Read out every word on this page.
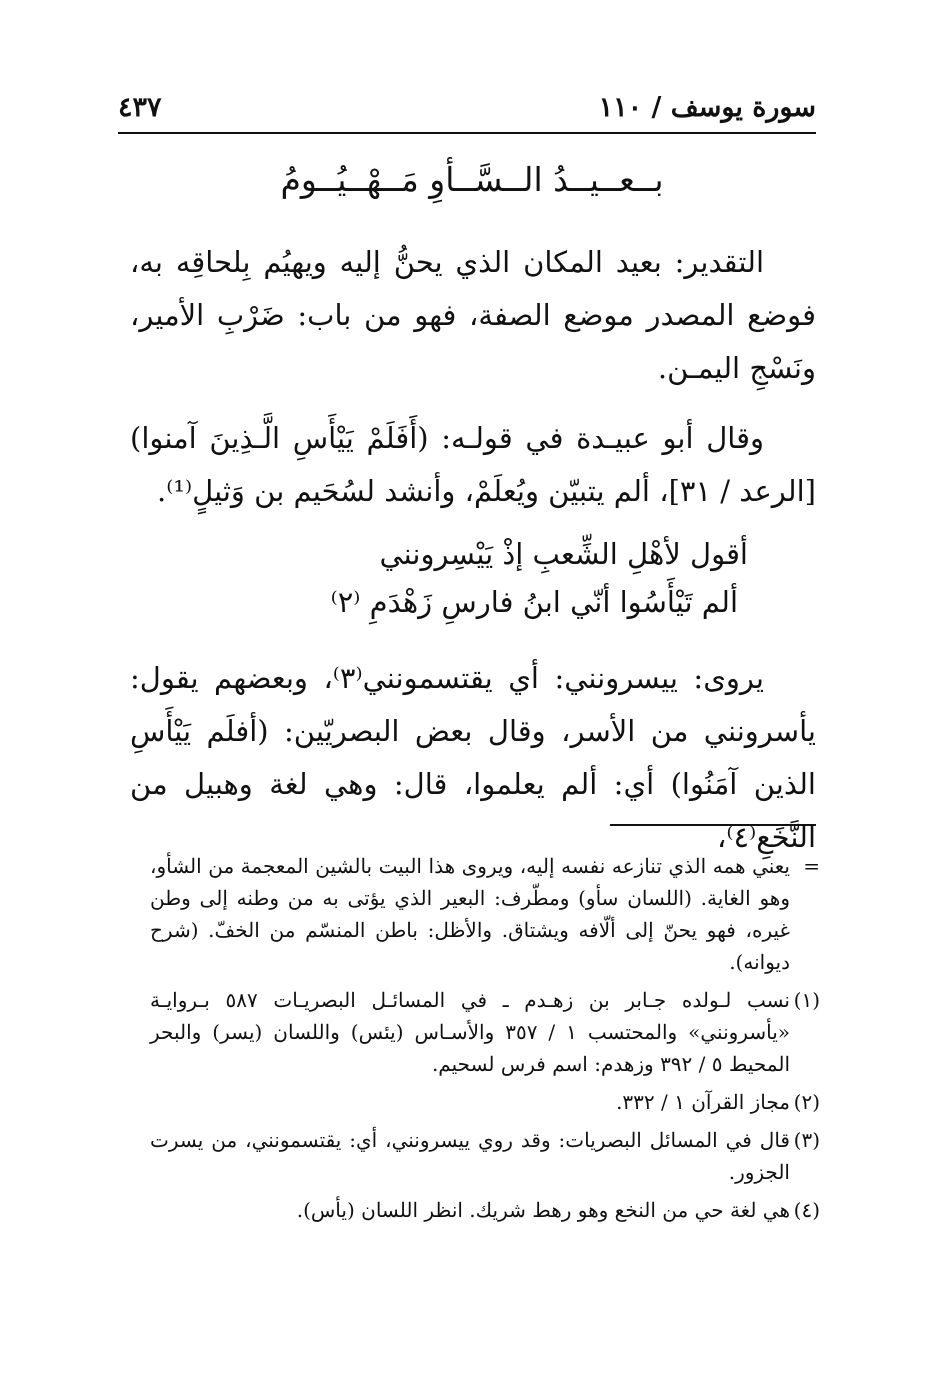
سورة يوسف / ١١٠
٤٣٧
بــعــيــدُ الــسَّــأوِ مَــهْــيُــومُ

التقدير: بعيد المكان الذي يحنُّ إليه ويهيُم بِلحاقِه به، فوضع المصدر موضع الصفة، فهو من باب: ضَرْبِ الأمير، ونَسْجِ اليمـن.

وقال أبو عبيـدة في قولـه: (أَفَلَمْ يَيْأَسِ الَّـذِينَ آمنوا) [الرعد / ٣١]، ألم يتبيّن ويُعلَمْ، وأنشد لسُحَيم بن وَثيلٍ⁽¹⁾.

أقول لأهْلِ الشِّعبِ إذْ يَيْسِرونني
ألم تَيْأَسُوا أنّي ابنُ فارسِ زَهْدَمِ ⁽٢⁾

يروى: ييسرونني: أي يقتسمونني⁽٣⁾، وبعضهم يقول: يأسرونني من الأسر، وقال بعض البصريّين: (أفلَم يَيْأَسِ الذين آمَنُوا) أي: ألم يعلموا، قال: وهي لغة وهبيل من النَّخَعِ⁽٤⁾،

=
يعني همه الذي تنازعه نفسه إليه، ويروى هذا البيت بالشين المعجمة من الشأو، وهو الغاية. (اللسان سأو) ومطّرف: البعير الذي يؤتى به من وطنه إلى وطن غيره، فهو يحنّ إلى ألّافه ويشتاق. والأظل: باطن المنسّم من الخفّ. (شرح ديوانه).
(١)
نسب لـولده جـابر بن زهـدم ـ في المسائـل البصريـات ٥٨٧ بـروايـة «يأسرونني» والمحتسب ١ / ٣٥٧ والأسـاس (يئس) واللسان (يسر) والبحر المحيط ٥ / ٣٩٢ وزهدم: اسم فرس لسحيم.
(٢)
مجاز القرآن ١ / ٣٣٢.
(٣)
قال في المسائل البصريات: وقد روي ييسرونني، أي: يقتسمونني، من يسرت الجزور.
(٤)
هي لغة حي من النخع وهو رهط شريك. انظر اللسان (يأس).
